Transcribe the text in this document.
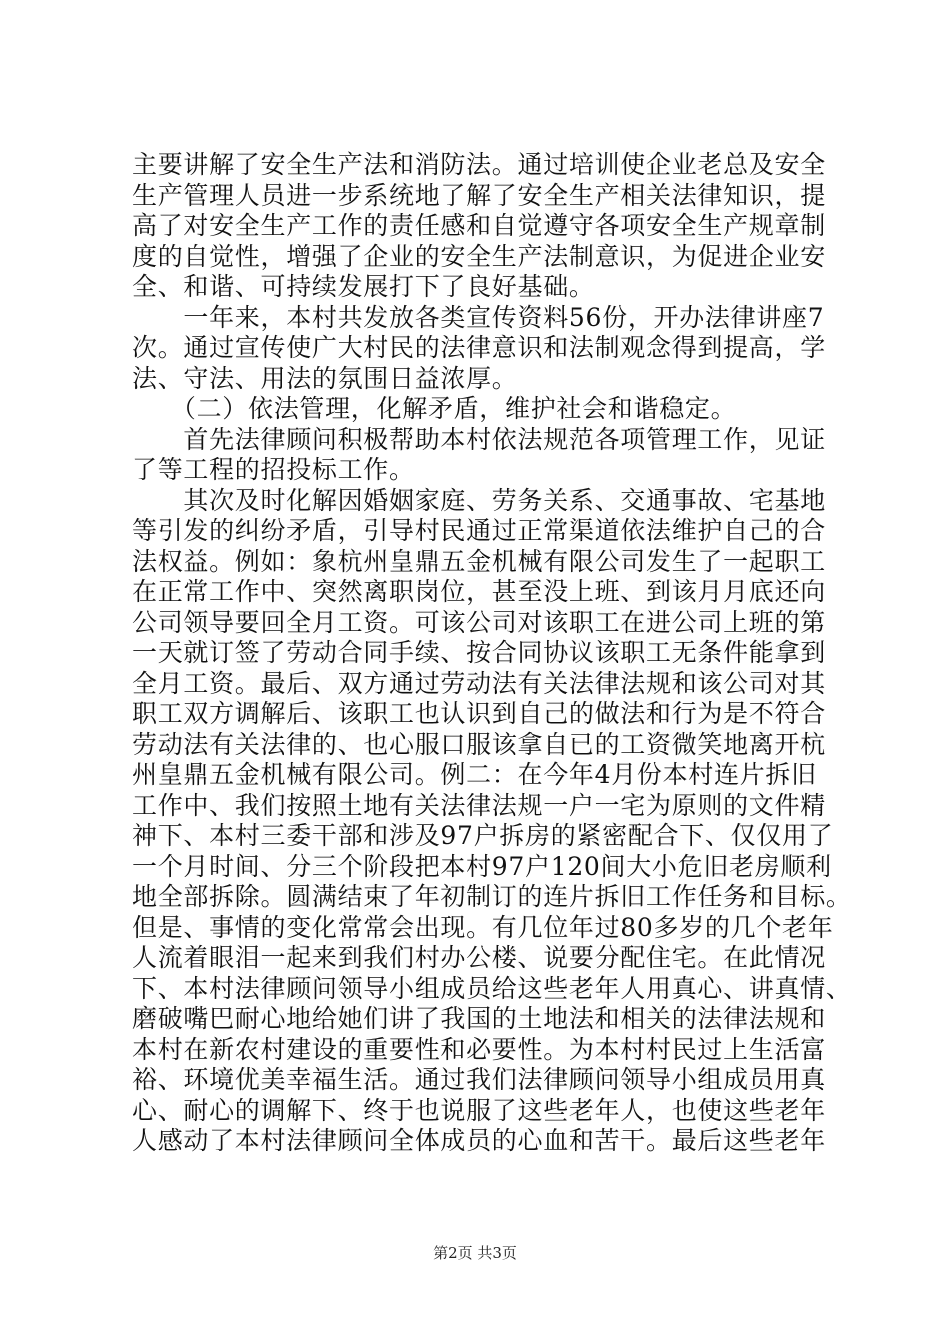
主要讲解了安全生产法和消防法。通过培训使企业老总及安全
生产管理人员进一步系统地了解了安全生产相关法律知识，提
高了对安全生产工作的责任感和自觉遵守各项安全生产规章制
度的自觉性，增强了企业的安全生产法制意识，为促进企业安
全、和谐、可持续发展打下了良好基础。
　　一年来，本村共发放各类宣传资料56份，开办法律讲座7
次。通过宣传使广大村民的法律意识和法制观念得到提高，学
法、守法、用法的氛围日益浓厚。
　　（二）依法管理，化解矛盾，维护社会和谐稳定。
　　首先法律顾问积极帮助本村依法规范各项管理工作，见证
了等工程的招投标工作。
　　其次及时化解因婚姻家庭、劳务关系、交通事故、宅基地
等引发的纠纷矛盾，引导村民通过正常渠道依法维护自己的合
法权益。例如：象杭州皇鼎五金机械有限公司发生了一起职工
在正常工作中、突然离职岗位，甚至没上班、到该月月底还向
公司领导要回全月工资。可该公司对该职工在进公司上班的第
一天就订签了劳动合同手续、按合同协议该职工无条件能拿到
全月工资。最后、双方通过劳动法有关法律法规和该公司对其
职工双方调解后、该职工也认识到自己的做法和行为是不符合
劳动法有关法律的、也心服口服该拿自已的工资微笑地离开杭
州皇鼎五金机械有限公司。例二：在今年4月份本村连片拆旧
工作中、我们按照土地有关法律法规一户一宅为原则的文件精
神下、本村三委干部和涉及97户拆房的紧密配合下、仅仅用了
一个月时间、分三个阶段把本村97户120间大小危旧老房顺利
地全部拆除。圆满结束了年初制订的连片拆旧工作任务和目标。
但是、事情的变化常常会出现。有几位年过80多岁的几个老年
人流着眼泪一起来到我们村办公楼、说要分配住宅。在此情况
下、本村法律顾问领导小组成员给这些老年人用真心、讲真情、
磨破嘴巴耐心地给她们讲了我国的土地法和相关的法律法规和
本村在新农村建设的重要性和必要性。为本村村民过上生活富
裕、环境优美幸福生活。通过我们法律顾问领导小组成员用真
心、耐心的调解下、终于也说服了这些老年人，也使这些老年
人感动了本村法律顾问全体成员的心血和苦干。最后这些老年
第2页 共3页
